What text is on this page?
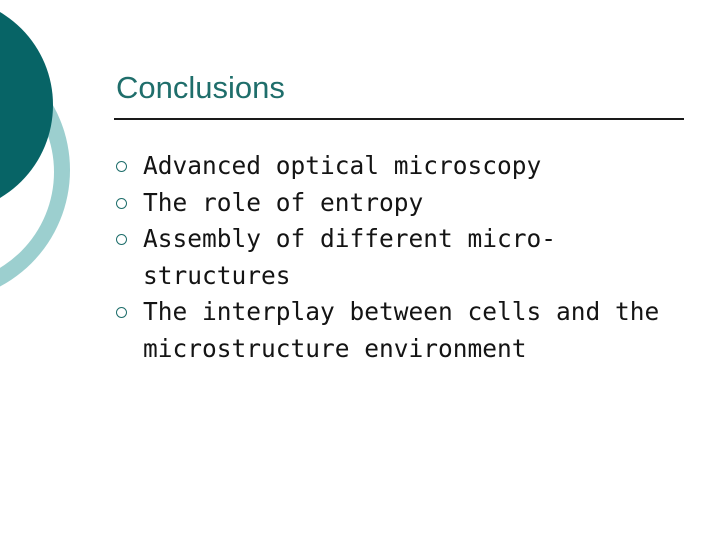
Conclusions
Advanced optical microscopy
The role of entropy
Assembly of different micro-structures
The interplay between cells and the microstructure environment
